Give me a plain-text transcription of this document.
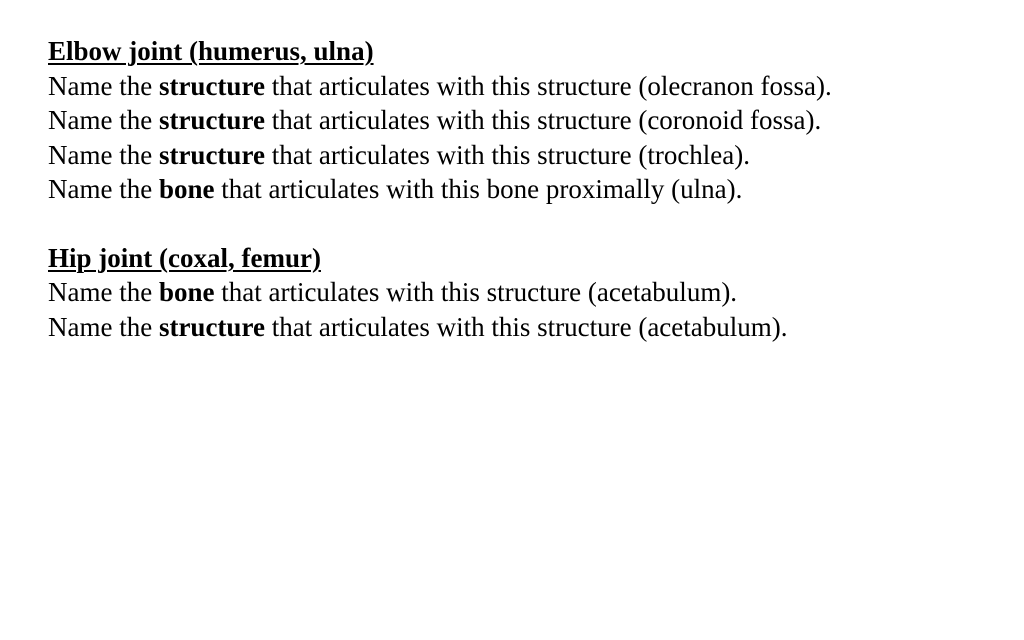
Elbow joint (humerus, ulna)
Name the structure that articulates with this structure (olecranon fossa).
Name the structure that articulates with this structure (coronoid fossa).
Name the structure that articulates with this structure (trochlea).
Name the bone that articulates with this bone proximally (ulna).
Hip joint (coxal, femur)
Name the bone that articulates with this structure (acetabulum).
Name the structure that articulates with this structure (acetabulum).
